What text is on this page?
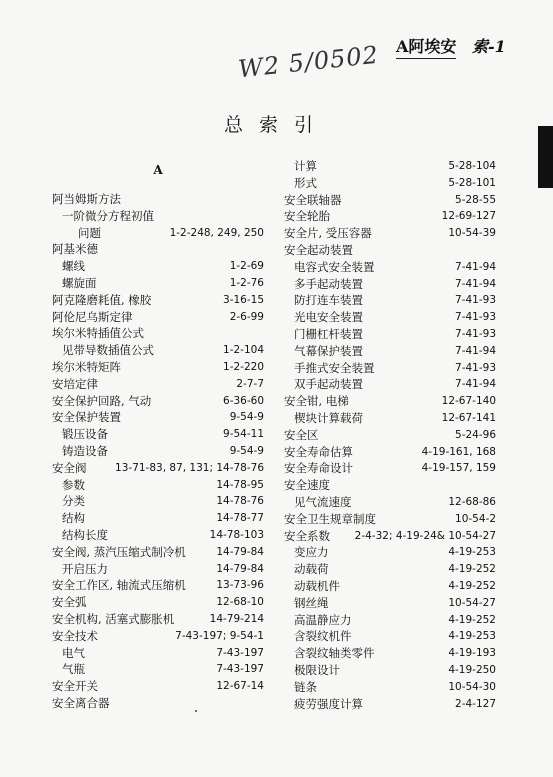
A阿埃安 索-1
W2 5/0502
总索引
A
阿当姆斯方法
一阶微分方程初值
问题	1-2-248, 249, 250
阿基米德
螺线	1-2-69
螺旋面	1-2-76
阿克隆磨耗值, 橡胶	3-16-15
阿伦尼乌斯定律	2-6-99
埃尔米特插值公式
见带导数插值公式	1-2-104
埃尔米特矩阵	1-2-220
安培定律	2-7-7
安全保护回路, 气动	6-36-60
安全保护装置	9-54-9
锻压设备	9-54-11
铸造设备	9-54-9
安全阀	13-71-83, 87, 131; 14-78-76
参数	14-78-95
分类	14-78-76
结构	14-78-77
结构长度	14-78-103
安全阀, 蒸汽压缩式制冷机	14-79-84
开启压力	14-79-84
安全工作区, 轴流式压缩机	13-73-96
安全弧	12-68-10
安全机构, 活塞式膨胀机	14-79-214
安全技术	7-43-197; 9-54-1
电气	7-43-197
气瓶	7-43-197
安全开关	12-67-14
安全离合器
计算	5-28-104
形式	5-28-101
安全联轴器	5-28-55
安全轮胎	12-69-127
安全片, 受压容器	10-54-39
安全起动装置
电容式安全装置	7-41-94
多手起动装置	7-41-94
防打连车装置	7-41-93
光电安全装置	7-41-93
门栅杠杆装置	7-41-93
气幕保护装置	7-41-94
手推式安全装置	7-41-93
双手起动装置	7-41-94
安全钳, 电梯	12-67-140
楔块计算载荷	12-67-141
安全区	5-24-96
安全寿命估算	4-19-161, 168
安全寿命设计	4-19-157, 159
安全速度
见气流速度	12-68-86
安全卫生规章制度	10-54-2
安全系数 2-4-32; 4-19-24& 10-54-27
变应力	4-19-253
动载荷	4-19-252
动载机件	4-19-252
钢丝绳	10-54-27
高温静应力	4-19-252
含裂纹机件	4-19-253
含裂纹轴类零件	4-19-193
极限设计	4-19-250
链条	10-54-30
疲劳强度计算	2-4-127
